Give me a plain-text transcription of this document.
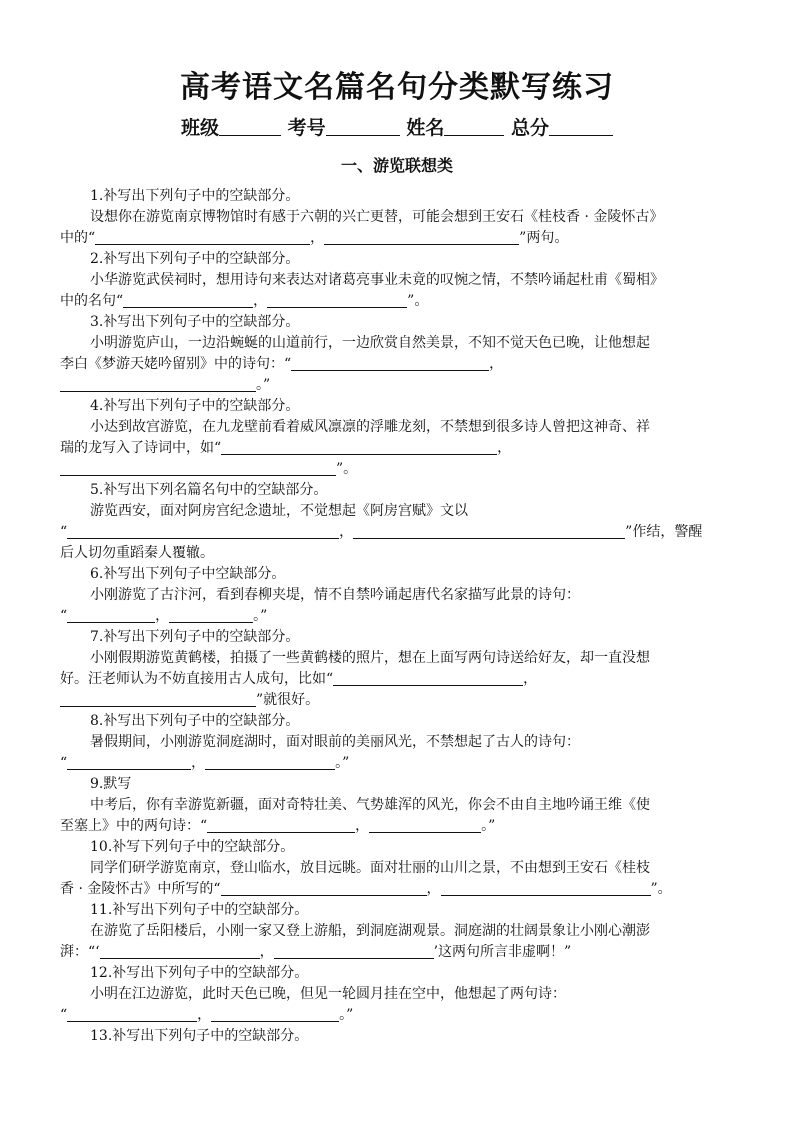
高考语文名篇名句分类默写练习
班级	考号	姓名	总分
一、游览联想类
1.补写出下列句子中的空缺部分。
设想你在游览南京博物馆时有感于六朝的兴亡更替，可能会想到王安石《桂枝香 · 金陵怀古》
中的“	，	”两句。
2.补写出下列句子中的空缺部分。
小华游览武侯祠时，想用诗句来表达对诸葛亮事业未竟的叹惋之情，不禁吟诵起杜甫《蜀相》
中的名句“	，	”。
3.补写出下列句子中的空缺部分。
小明游览庐山，一边沿蜿蜒的山道前行，一边欣赏自然美景，不知不觉天色已晚，让他想起
李白《梦游天姥吟留别》中的诗句：“	，
。”
4.补写出下列句子中的空缺部分。
小达到故宫游览，在九龙壁前看着威风凛凛的浮雕龙刻，不禁想到很多诗人曾把这神奇、祥
瑞的龙写入了诗词中，如“	，
”。
5.补写出下列名篇名句中的空缺部分。
游览西安，面对阿房宫纪念遗址，不觉想起《阿房宫赋》文以
“	，	”作结，警醒
后人切勿重蹈秦人覆辙。
6.补写出下列句子中空缺部分。
小刚游览了古汴河，看到春柳夹堤，情不自禁吟诵起唐代名家描写此景的诗句：
“	，	。”
7.补写出下列句子中的空缺部分。
小刚假期游览黄鹤楼，拍摄了一些黄鹤楼的照片，想在上面写两句诗送给好友，却一直没想
好。汪老师认为不妨直接用古人成句，比如“	，
”就很好。
8.补写出下列句子中的空缺部分。
暑假期间，小刚游览洞庭湖时，面对眼前的美丽风光，不禁想起了古人的诗句：
“	，	。”
9.默写
中考后，你有幸游览新疆，面对奇特壮美、气势雄浑的风光，你会不由自主地吟诵王维《使
至塞上》中的两句诗：“	，	。”
10.补写下列句子中的空缺部分。
同学们研学游览南京，登山临水，放目远眺。面对壮丽的山川之景，不由想到王安石《桂枝
香 · 金陵怀古》中所写的“	，	”。
11.补写出下列句子中的空缺部分。
在游览了岳阳楼后，小刚一家又登上游船，到洞庭湖观景。洞庭湖的壮阔景象让小刚心潮澎
湃：“‘	，	’这两句所言非虚啊！”
12.补写出下列句子中的空缺部分。
小明在江边游览，此时天色已晚，但见一轮圆月挂在空中，他想起了两句诗：
“	，	。”
13.补写出下列句子中的空缺部分。
